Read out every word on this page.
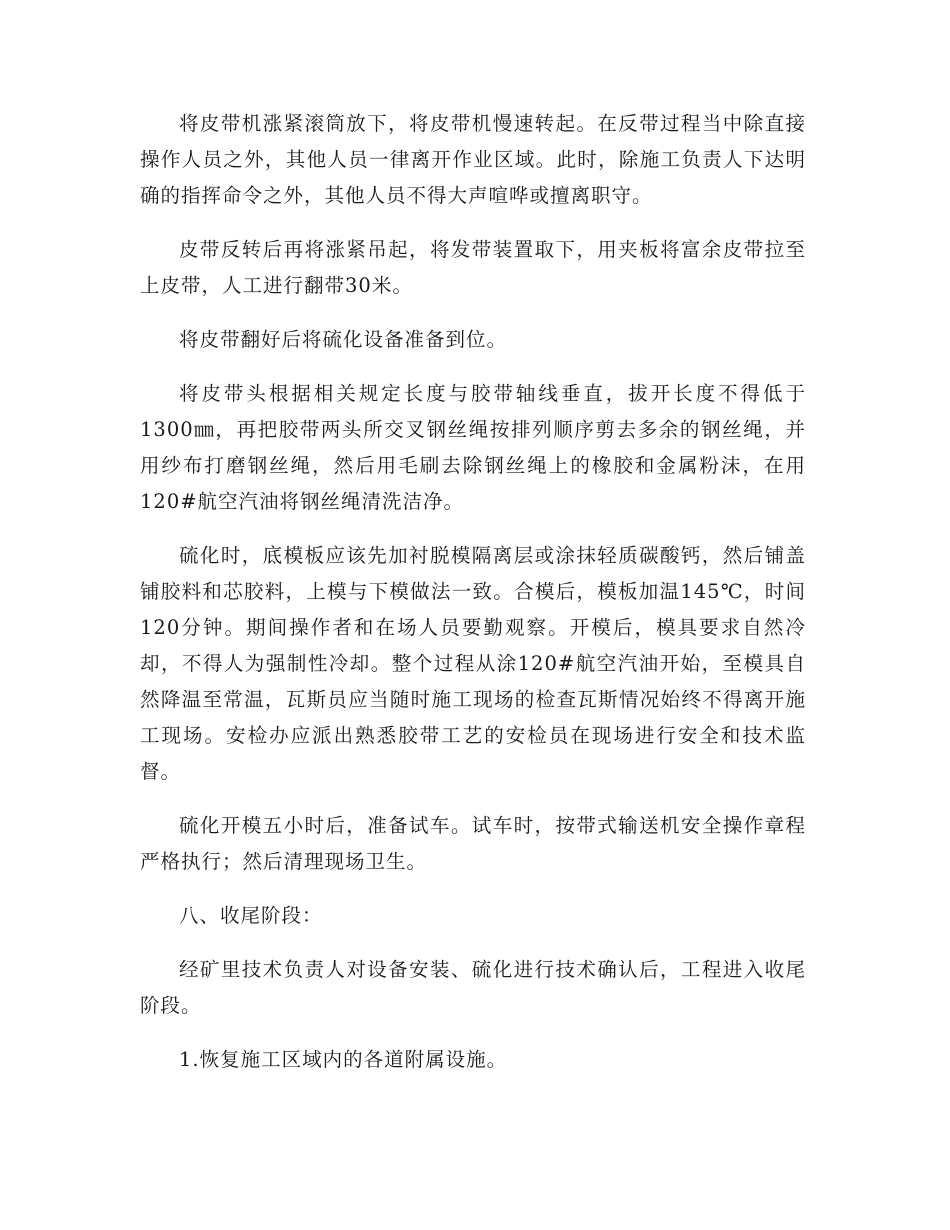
将皮带机涨紧滚筒放下，将皮带机慢速转起。在反带过程当中除直接操作人员之外，其他人员一律离开作业区域。此时，除施工负责人下达明确的指挥命令之外，其他人员不得大声喧哗或擅离职守。

皮带反转后再将涨紧吊起，将发带装置取下，用夹板将富余皮带拉至上皮带，人工进行翻带30米。

将皮带翻好后将硫化设备准备到位。

将皮带头根据相关规定长度与胶带轴线垂直，拔开长度不得低于1300㎜，再把胶带两头所交叉钢丝绳按排列顺序剪去多余的钢丝绳，并用纱布打磨钢丝绳，然后用毛刷去除钢丝绳上的橡胶和金属粉沫，在用120#航空汽油将钢丝绳清洗洁净。

硫化时，底模板应该先加衬脱模隔离层或涂抹轻质碳酸钙，然后铺盖铺胶料和芯胶料，上模与下模做法一致。合模后，模板加温145℃，时间120分钟。期间操作者和在场人员要勤观察。开模后，模具要求自然冷却，不得人为强制性冷却。整个过程从涂120#航空汽油开始，至模具自然降温至常温，瓦斯员应当随时施工现场的检查瓦斯情况始终不得离开施工现场。安检办应派出熟悉胶带工艺的安检员在现场进行安全和技术监督。

硫化开模五小时后，准备试车。试车时，按带式输送机安全操作章程严格执行；然后清理现场卫生。

八、收尾阶段：

经矿里技术负责人对设备安装、硫化进行技术确认后，工程进入收尾阶段。

1.恢复施工区域内的各道附属设施。
